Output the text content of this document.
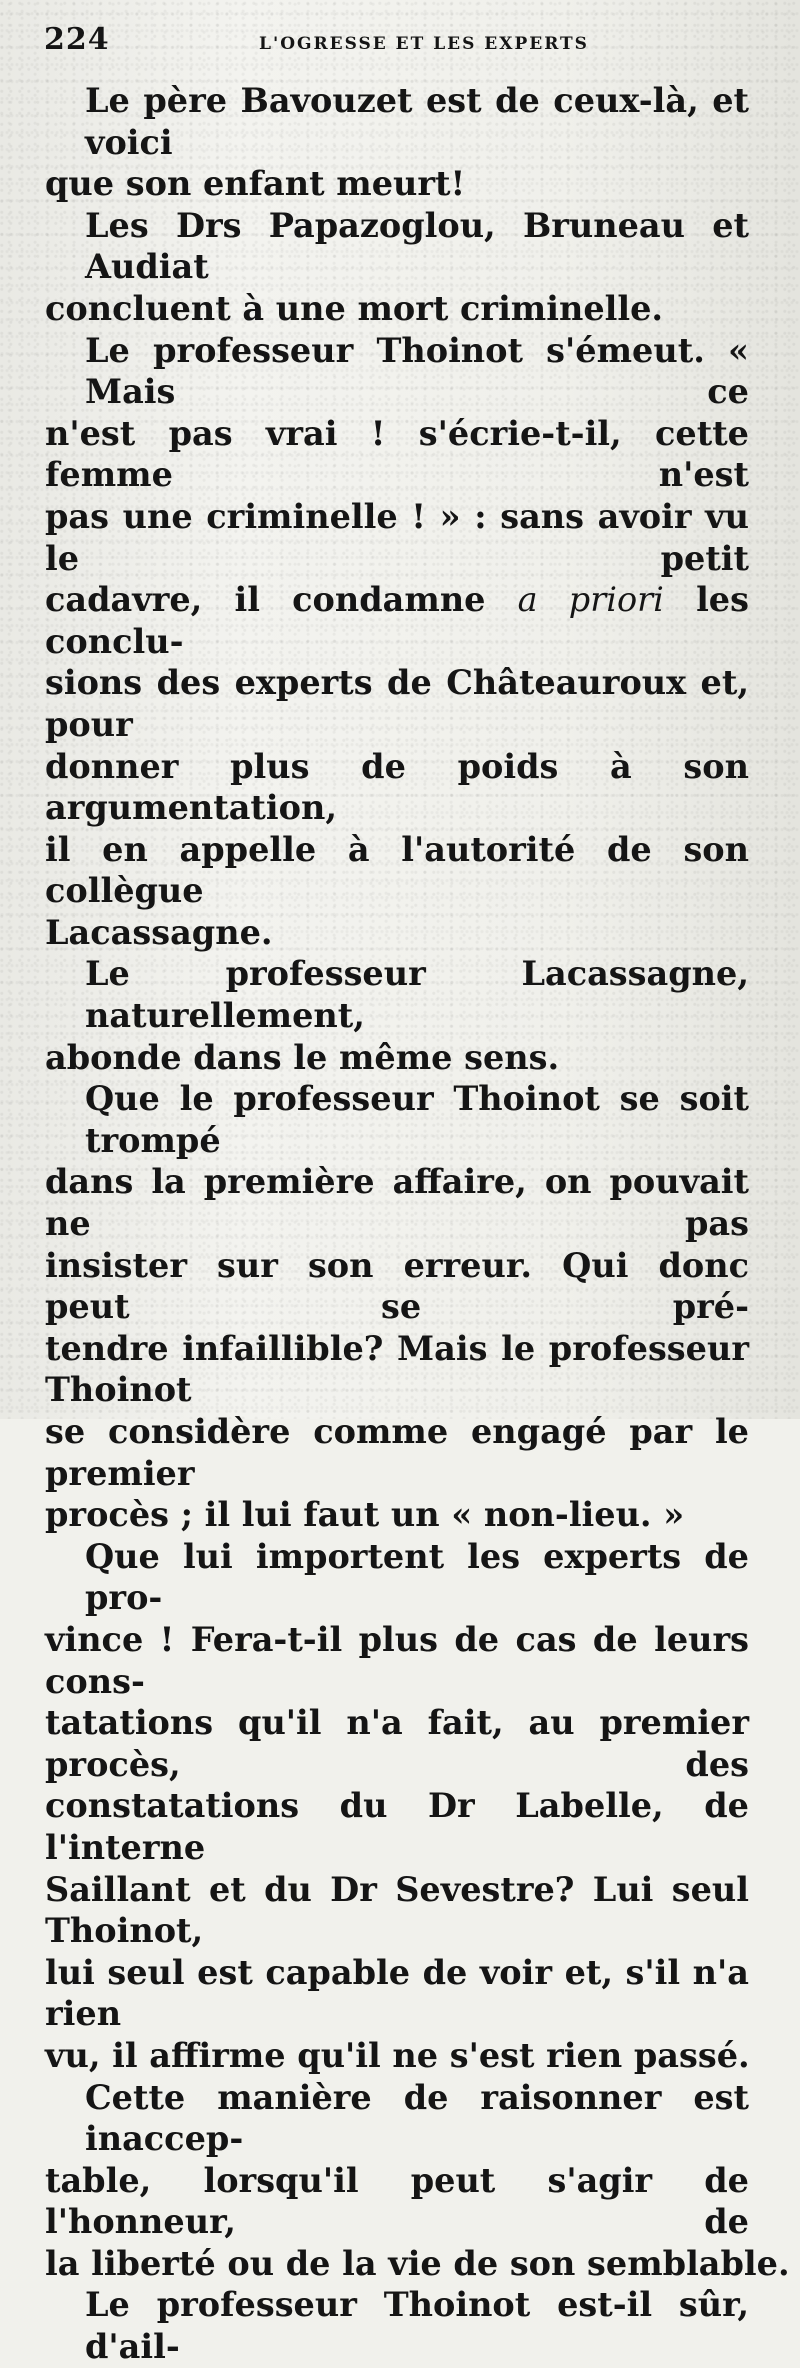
224	L'OGRESSE ET LES EXPERTS
Le père Bavouzet est de ceux-là, et voici
que son enfant meurt!
Les Drs Papazoglou, Bruneau et Audiat
concluent à une mort criminelle.
Le professeur Thoinot s'émeut. « Mais ce
n'est pas vrai ! s'écrie-t-il, cette femme n'est
pas une criminelle ! » : sans avoir vu le petit
cadavre, il condamne a priori les conclu-
sions des experts de Châteauroux et, pour
donner plus de poids à son argumentation,
il en appelle à l'autorité de son collègue
Lacassagne.
Le professeur Lacassagne, naturellement,
abonde dans le même sens.
Que le professeur Thoinot se soit trompé
dans la première affaire, on pouvait ne pas
insister sur son erreur. Qui donc peut se pré-
tendre infaillible? Mais le professeur Thoinot
se considère comme engagé par le premier
procès ; il lui faut un « non-lieu. »
Que lui importent les experts de pro-
vince ! Fera-t-il plus de cas de leurs cons-
tatations qu'il n'a fait, au premier procès, des
constatations du Dr Labelle, de l'interne
Saillant et du Dr Sevestre? Lui seul Thoinot,
lui seul est capable de voir et, s'il n'a rien
vu, il affirme qu'il ne s'est rien passé.
Cette manière de raisonner est inaccep-
table, lorsqu'il peut s'agir de l'honneur, de
la liberté ou de la vie de son semblable.
Le professeur Thoinot est-il sûr, d'ail-
